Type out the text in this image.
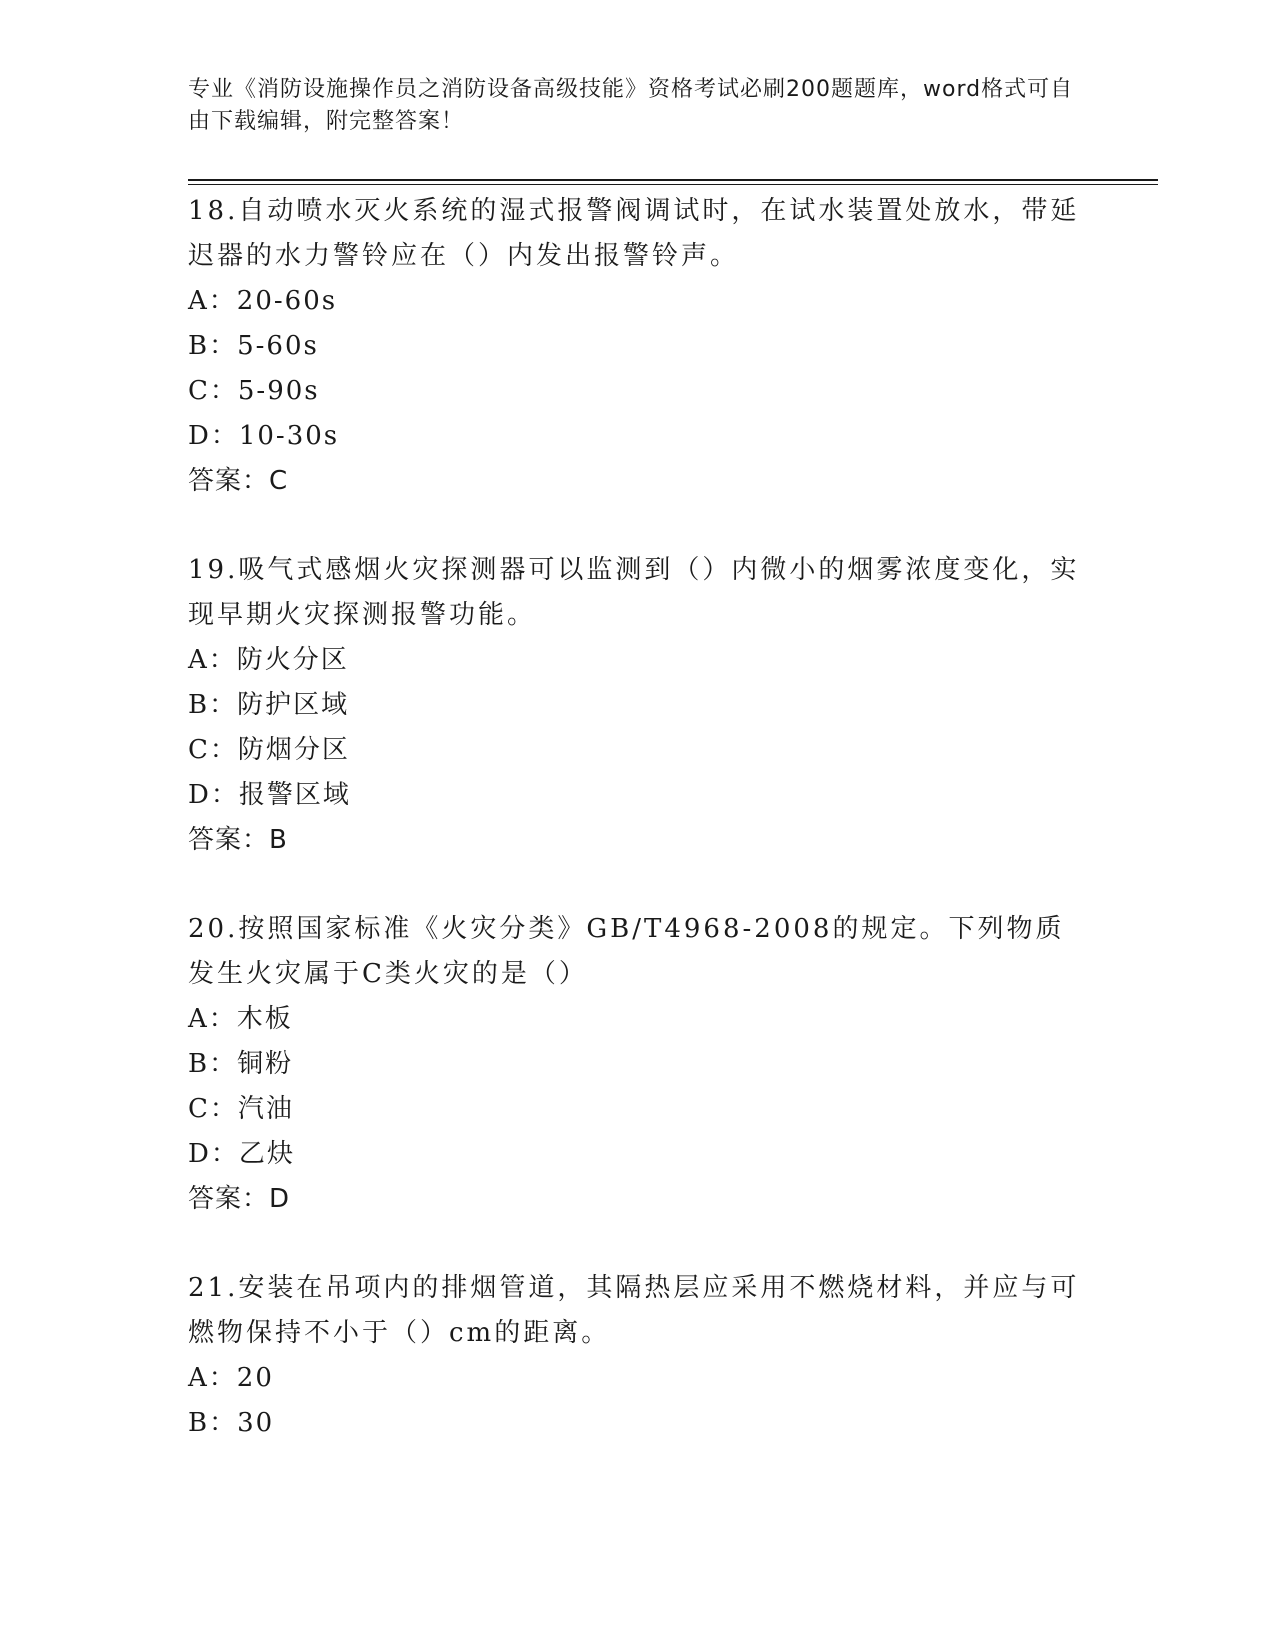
专业《消防设施操作员之消防设备高级技能》资格考试必刷200题题库，word格式可自由下载编辑，附完整答案！
18.自动喷水灭火系统的湿式报警阀调试时，在试水装置处放水，带延迟器的水力警铃应在（）内发出报警铃声。
A：20-60s
B：5-60s
C：5-90s
D：10-30s
答案：C
19.吸气式感烟火灾探测器可以监测到（）内微小的烟雾浓度变化，实现早期火灾探测报警功能。
A：防火分区
B：防护区域
C：防烟分区
D：报警区域
答案：B
20.按照国家标准《火灾分类》GB/T4968-2008的规定。下列物质发生火灾属于C类火灾的是（）
A：木板
B：铜粉
C：汽油
D：乙炔
答案：D
21.安装在吊项内的排烟管道，其隔热层应采用不燃烧材料，并应与可燃物保持不小于（）cm的距离。
A：20
B：30
